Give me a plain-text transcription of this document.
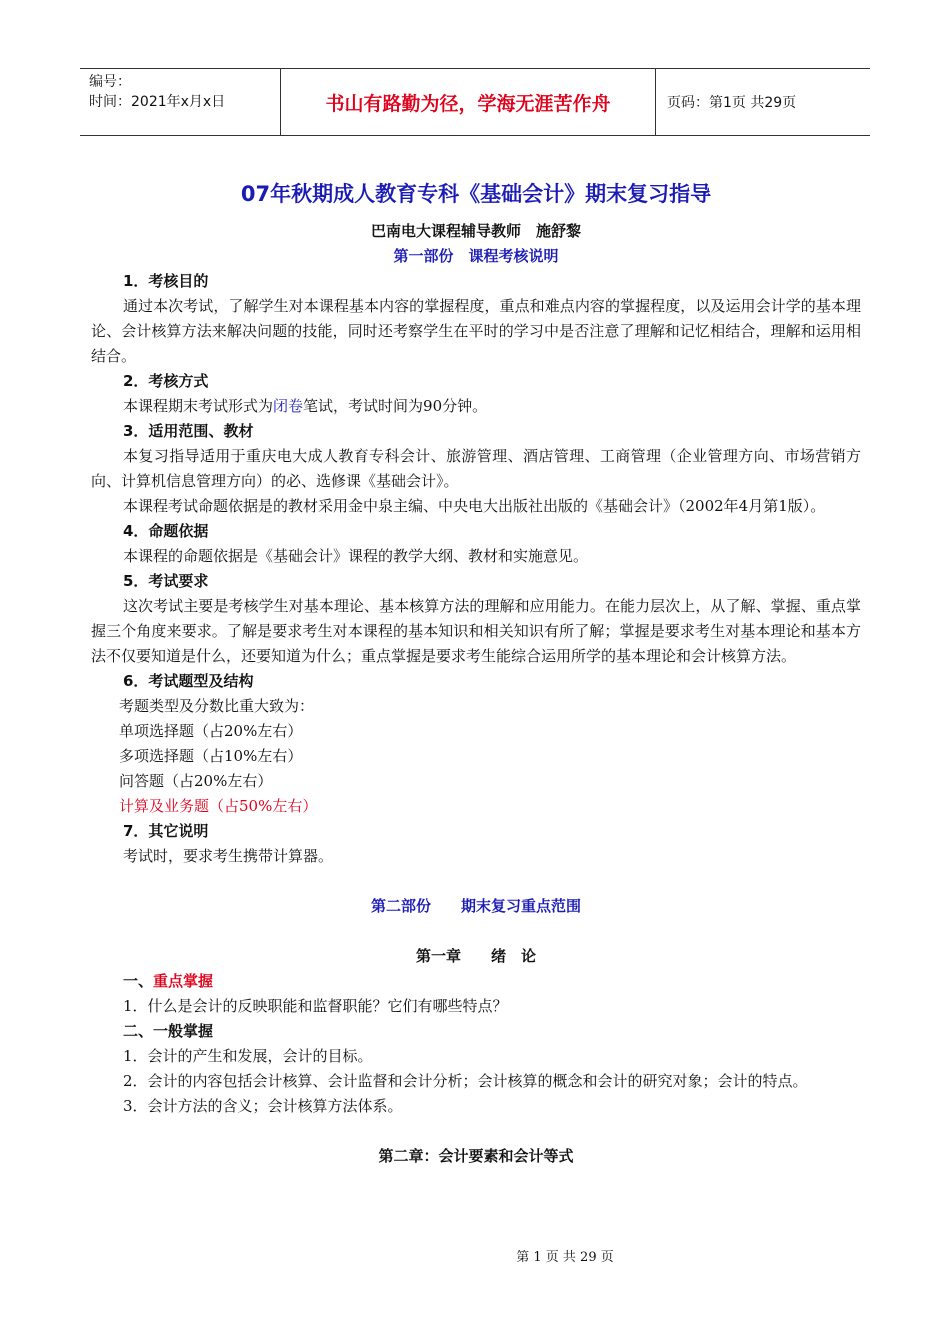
编号：
时间：2021年x月x日	书山有路勤为径，学海无涯苦作舟	页码：第1页 共29页
07年秋期成人教育专科《基础会计》期末复习指导
巴南电大课程辅导教师　施舒黎
第一部份　课程考核说明
1．考核目的
通过本次考试，了解学生对本课程基本内容的掌握程度，重点和难点内容的掌握程度，以及运用会计学的基本理论、会计核算方法来解决问题的技能，同时还考察学生在平时的学习中是否注意了理解和记忆相结合，理解和运用相结合。
2．考核方式
本课程期末考试形式为闭卷笔试，考试时间为90分钟。
3．适用范围、教材
本复习指导适用于重庆电大成人教育专科会计、旅游管理、酒店管理、工商管理（企业管理方向、市场营销方向、计算机信息管理方向）的必、选修课《基础会计》。
本课程考试命题依据是的教材采用金中泉主编、中央电大出版社出版的《基础会计》（2002年4月第1版）。
4．命题依据
本课程的命题依据是《基础会计》课程的教学大纲、教材和实施意见。
5．考试要求
这次考试主要是考核学生对基本理论、基本核算方法的理解和应用能力。在能力层次上，从了解、掌握、重点掌握三个角度来要求。了解是要求考生对本课程的基本知识和相关知识有所了解；掌握是要求考生对基本理论和基本方法不仅要知道是什么，还要知道为什么；重点掌握是要求考生能综合运用所学的基本理论和会计核算方法。
6．考试题型及结构
考题类型及分数比重大致为：
单项选择题（占20%左右）
多项选择题（占10%左右）
问答题（占20%左右）
计算及业务题（占50%左右）
7．其它说明
考试时，要求考生携带计算器。
第二部份　　期末复习重点范围
第一章　　绪　论
一、重点掌握
1．什么是会计的反映职能和监督职能？它们有哪些特点？
二、一般掌握
1．会计的产生和发展，会计的目标。
2．会计的内容包括会计核算、会计监督和会计分析；会计核算的概念和会计的研究对象；会计的特点。
3．会计方法的含义；会计核算方法体系。
第二章：会计要素和会计等式
第 1 页 共 29 页
